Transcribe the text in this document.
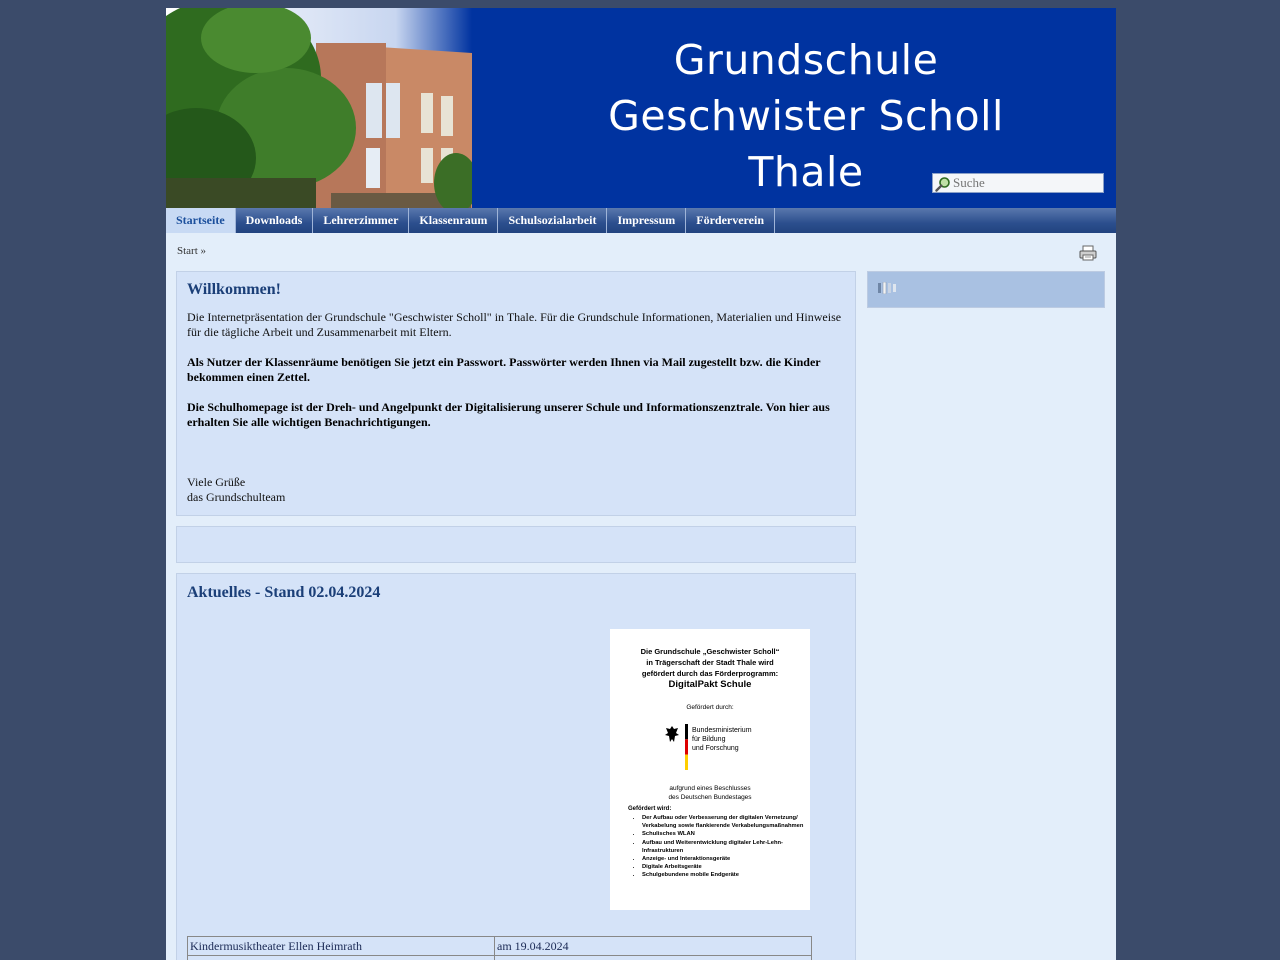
Grundschule
Geschwister Scholl
Thale
Suche
Startseite	Downloads	Lehrerzimmer	Klassenraum	Schulsozialarbeit	Impressum	Förderverein
Start »
Willkommen!

Die Internetpräsentation der Grundschule "Geschwister Scholl" in Thale. Für die Grundschule Informationen, Materialien und Hinweise für die tägliche Arbeit und Zusammenarbeit mit Eltern.

Als Nutzer der Klassenräume benötigen Sie jetzt ein Passwort. Passwörter werden Ihnen via Mail zugestellt bzw. die Kinder bekommen einen Zettel.

Die Schulhomepage ist der Dreh- und Angelpunkt der Digitalisierung unserer Schule und Informationszenztrale. Von hier aus erhalten Sie alle wichtigen Benachrichtigungen.

Viele Grüße

das Grundschulteam

Aktuelles - Stand 02.04.2024
Die Grundschule „Geschwister Scholl“
in Trägerschaft der Stadt Thale wird
gefördert durch das Förderprogramm:
DigitalPakt Schule
Gefördert durch:
Bundesministerium
für Bildung
und Forschung
aufgrund eines Beschlusses
des Deutschen Bundestages
Gefördert wird:
• Der Aufbau oder Verbesserung der digitalen Vernetzung/ Verkabelung sowie flankierende Verkabelungsmaßnahmen
• Schulisches WLAN
• Aufbau und Weiterentwicklung digitaler Lehr-Lehn-Infrastrukturen
• Anzeige- und Interaktionsgeräte
• Digitale Arbeitsgeräte
• Schulgebundene mobile Endgeräte
Kindermusiktheater Ellen Heimrath	am 19.04.2024
